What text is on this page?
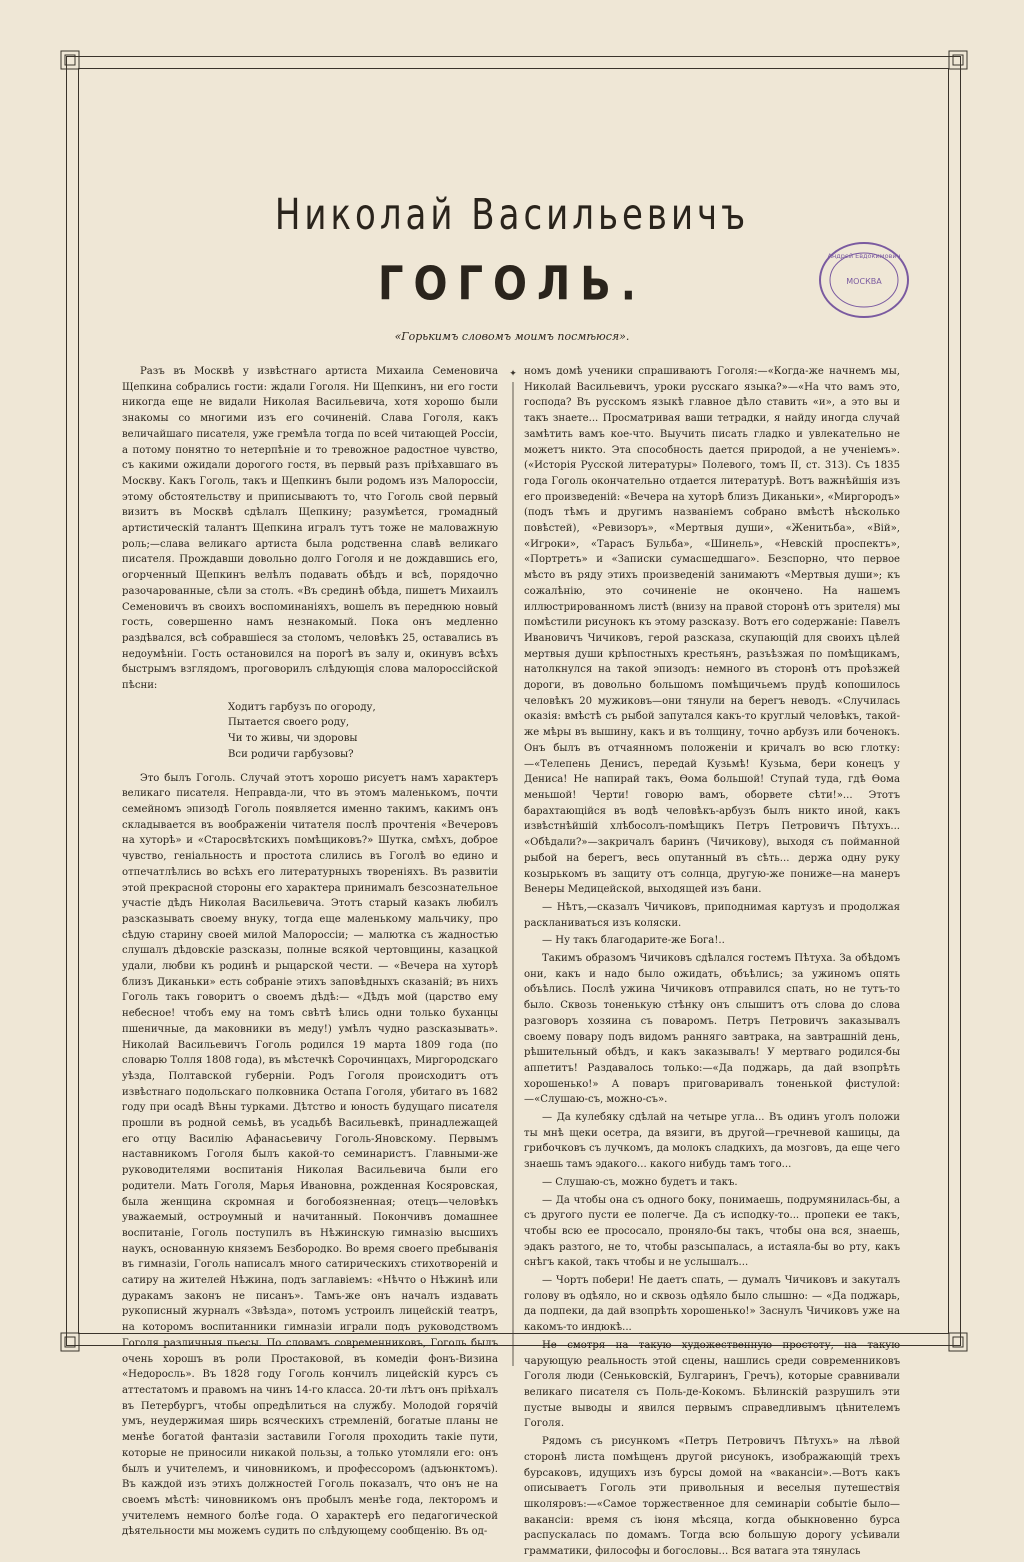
Николай Васильевичъ
ГОГОЛЬ.
Андрей Евдокимович
МОСКВА
«Горькимъ словомъ моимъ посмѣюся».

Разъ въ Москвѣ у извѣстнаго артиста Михаила Семеновича Щепкина собрались гости: ждали Гоголя. Ни Щепкинъ, ни его гости никогда еще не видали Николая Васильевича, хотя хорошо были знакомы со многими изъ его сочиненій. Слава Гоголя, какъ величайшаго писателя, уже гремѣла тогда по всей читающей Россіи, а потому понятно то нетерпѣніе и то тревожное радостное чувство, съ какими ожидали дорогого гостя, въ первый разъ пріѣхавшаго въ Москву. Какъ Гоголь, такъ и Щепкинъ были родомъ изъ Малороссіи, этому обстоятельству и приписываютъ то, что Гоголь свой первый визитъ въ Москвѣ сдѣлалъ Щепкину; разумѣется, громадный артистическій талантъ Щепкина игралъ тутъ тоже не маловажную роль;—слава великаго артиста была родственна славѣ великаго писателя. Прождавши довольно долго Гоголя и не дождавшись его, огорченный Щепкинъ велѣлъ подавать обѣдъ и всѣ, порядочно разочарованные, сѣли за столъ. «Въ срединѣ обѣда, пишетъ Михаилъ Семеновичъ въ своихъ воспоминаніяхъ, вошелъ въ переднюю новый гость, совершенно намъ незнакомый. Пока онъ медленно раздѣвался, всѣ собравшіеся за столомъ, человѣкъ 25, оставались въ недоумѣніи. Гость остановился на порогѣ въ залу и, окинувъ всѣхъ быстрымъ взглядомъ, проговорилъ слѣдующія слова малороссійской пѣсни:

Ходитъ гарбузъ по огороду,
Пытается своего роду,
Чи то живы, чи здоровы
Вси родичи гарбузовы?

Это былъ Гоголь. Случай этотъ хорошо рисуетъ намъ характеръ великаго писателя. Неправда-ли, что въ этомъ маленькомъ, почти семейномъ эпизодѣ Гоголь появляется именно такимъ, какимъ онъ складывается въ воображеніи читателя послѣ прочтенія «Вечеровъ на хуторѣ» и «Старосвѣтскихъ помѣщиковъ?» Шутка, смѣхъ, доброе чувство, геніальность и простота слились въ Гоголѣ во едино и отпечатлѣлись во всѣхъ его литературныхъ твореніяхъ. Въ развитіи этой прекрасной стороны его характера принималъ безсознательное участіе дѣдъ Николая Васильевича. Этотъ старый казакъ любилъ разсказывать своему внуку, тогда еще маленькому мальчику, про сѣдую старину своей милой Малороссіи; — малютка съ жадностью слушалъ дѣдовскіе разсказы, полные всякой чертовщины, казацкой удали, любви къ родинѣ и рыцарской чести. — «Вечера на хуторѣ близъ Диканьки» есть собраніе этихъ заповѣдныхъ сказаній; въ нихъ Гоголь такъ говоритъ о своемъ дѣдѣ:— «Дѣдъ мой (царство ему небесное! чтобъ ему на томъ свѣтѣ ѣлись одни только буханцы пшеничные, да маковники въ меду!) умѣлъ чудно разсказывать». Николай Васильевичъ Гоголь родился 19 марта 1809 года (по словарю Толля 1808 года), въ мѣстечкѣ Сорочинцахъ, Миргородскаго уѣзда, Полтавской губерніи. Родъ Гоголя происходитъ отъ извѣстнаго подольскаго полковника Остапа Гоголя, убитаго въ 1682 году при осадѣ Вѣны турками. Дѣтство и юность будущаго писателя прошли въ родной семьѣ, въ усадьбѣ Васильевкѣ, принадлежащей его отцу Василію Афанасьевичу Гоголь-Яновскому. Первымъ наставникомъ Гоголя былъ какой-то семинаристъ. Главными-же руководителями воспитанія Николая Васильевича были его родители. Мать Гоголя, Марья Ивановна, рожденная Косяровская, была женщина скромная и богобоязненная; отецъ—человѣкъ уважаемый, остроумный и начитанный. Покончивъ домашнее воспитаніе, Гоголь поступилъ въ Нѣжинскую гимназію высшихъ наукъ, основанную княземъ Безбородко. Во время своего пребыванія въ гимназіи, Гоголь написалъ много сатирическихъ стихотвореній и сатиру на жителей Нѣжина, подъ заглавіемъ: «Нѣчто о Нѣжинѣ или дуракамъ законъ не писанъ». Тамъ-же онъ началъ издавать рукописный журналъ «Звѣзда», потомъ устроилъ лицейскій театръ, на которомъ воспитанники гимназіи играли подъ руководствомъ Гоголя различныя пьесы. По словамъ современниковъ, Гоголь былъ очень хорошъ въ роли Простаковой, въ комедіи фонъ-Визина «Недоросль». Въ 1828 году Гоголь кончилъ лицейскій курсъ съ аттестатомъ и правомъ на чинъ 14-го класса. 20-ти лѣтъ онъ пріѣхалъ въ Петербургъ, чтобы опредѣлиться на службу. Молодой горячій умъ, неудержимая ширь всяческихъ стремленій, богатые планы не менѣе богатой фантазіи заставили Гоголя проходить такіе пути, которые не приносили никакой пользы, а только утомляли его: онъ былъ и учителемъ, и чиновникомъ, и профессоромъ (адъюнктомъ). Въ каждой изъ этихъ должностей Гоголь показалъ, что онъ не на своемъ мѣстѣ: чиновникомъ онъ пробылъ менѣе года, лекторомъ и учителемъ немного болѣе года. О характерѣ его педагогической дѣятельности мы можемъ судить по слѣдующему сообщенію. Въ од-

✦ номъ домѣ ученики спрашиваютъ Гоголя:—«Когда-же начнемъ мы, Николай Васильевичъ, уроки русскаго языка?»—«На что вамъ это, господа? Въ русскомъ языкѣ главное дѣло ставить «и», а это вы и такъ знаете... Просматривая ваши тетрадки, я найду иногда случай замѣтить вамъ кое-что. Выучить писать гладко и увлекательно не можетъ никто. Эта способность дается природой, а не ученіемъ». («Исторія Русской литературы» Полевого, томъ II, ст. 313). Съ 1835 года Гоголь окончательно отдается литературѣ. Вотъ важнѣйшія изъ его произведеній: «Вечера на хуторѣ близъ Диканьки», «Миргородъ» (подъ тѣмъ и другимъ названіемъ собрано вмѣстѣ нѣсколько повѣстей), «Ревизоръ», «Мертвыя души», «Женитьба», «Вій», «Игроки», «Тарасъ Бульба», «Шинель», «Невскій проспектъ», «Портретъ» и «Записки сумасшедшаго». Безспорно, что первое мѣсто въ ряду этихъ произведеній занимаютъ «Мертвыя души»; къ сожалѣнію, это сочиненіе не окончено. На нашемъ иллюстрированномъ листѣ (внизу на правой сторонѣ отъ зрителя) мы помѣстили рисунокъ къ этому разсказу. Вотъ его содержаніе: Павелъ Ивановичъ Чичиковъ, герой разсказа, скупающій для своихъ цѣлей мертвыя души крѣпостныхъ крестьянъ, разъѣзжая по помѣщикамъ, натолкнулся на такой эпизодъ: немного въ сторонѣ отъ проѣзжей дороги, въ довольно большомъ помѣщичьемъ прудѣ копошилось человѣкъ 20 мужиковъ—они тянули на берегъ неводъ. «Случилась оказія: вмѣстѣ съ рыбой запутался какъ-то круглый человѣкъ, такой-же мѣры въ вышину, какъ и въ толщину, точно арбузъ или боченокъ. Онъ былъ въ отчаянномъ положеніи и кричалъ во всю глотку:—«Телепень Денисъ, передай Кузьмѣ! Кузьма, бери конецъ у Дениса! Не напирай такъ, Ѳома большой! Ступай туда, гдѣ Ѳома меньшой! Черти! говорю вамъ, оборвете сѣти!»... Этотъ барахтающійся въ водѣ человѣкъ-арбузъ былъ никто иной, какъ извѣстнѣйшій хлѣбосолъ-помѣщикъ Петръ Петровичъ Пѣтухъ... «Обѣдали?»—закричалъ баринъ (Чичикову), выходя съ пойманной рыбой на берегъ, весь опутанный въ сѣть... держа одну руку козырькомъ въ защиту отъ солнца, другую-же пониже—на манеръ Венеры Медицейской, выходящей изъ бани.

— Нѣтъ,—сказалъ Чичиковъ, приподнимая картузъ и продолжая раскланиваться изъ коляски.

— Ну такъ благодарите-же Бога!..

Такимъ образомъ Чичиковъ сдѣлался гостемъ Пѣтуха. За обѣдомъ они, какъ и надо было ожидать, объѣлись; за ужиномъ опять объѣлись. Послѣ ужина Чичиковъ отправился спать, но не тутъ-то было. Сквозь тоненькую стѣнку онъ слышитъ отъ слова до слова разговоръ хозяина съ поваромъ. Петръ Петровичъ заказывалъ своему повару подъ видомъ ранняго завтрака, на завтрашній день, рѣшительный обѣдъ, и какъ заказывалъ! У мертваго родился-бы аппетитъ! Раздавалось только:—«Да поджарь, да дай взопрѣть хорошенько!» А поваръ приговаривалъ тоненькой фистулой:—«Слушаю-съ, можно-съ».

— Да кулебяку сдѣлай на четыре угла... Въ одинъ уголъ положи ты мнѣ щеки осетра, да вязиги, въ другой—гречневой кашицы, да грибочковъ съ лучкомъ, да молокъ сладкихъ, да мозговъ, да еще чего знаешь тамъ эдакого... какого нибудь тамъ того...

— Слушаю-съ, можно будетъ и такъ.

— Да чтобы она съ одного боку, понимаешь, подрумянилась-бы, а съ другого пусти ее полегче. Да съ исподку-то... пропеки ее такъ, чтобы всю ее прососало, проняло-бы такъ, чтобы она вся, знаешь, эдакъ разтого, не то, чтобы разсыпалась, а истаяла-бы во рту, какъ снѣгъ какой, такъ чтобы и не услышалъ...

— Чортъ побери! Не даетъ спать, — думалъ Чичиковъ и закуталъ голову въ одѣяло, но и сквозь одѣяло было слышно: — «Да поджарь, да подпеки, да дай взопрѣть хорошенько!» Заснулъ Чичиковъ уже на какомъ-то индюкѣ...

Не смотря на такую художественную простоту, на такую чарующую реальность этой сцены, нашлись среди современниковъ Гоголя люди (Сеньковскій, Булгаринъ, Гречъ), которые сравнивали великаго писателя съ Поль-де-Кокомъ. Бѣлинскій разрушилъ эти пустые выводы и явился первымъ справедливымъ цѣнителемъ Гоголя.

Рядомъ съ рисункомъ «Петръ Петровичъ Пѣтухъ» на лѣвой сторонѣ листа помѣщенъ другой рисунокъ, изображающій трехъ бурсаковъ, идущихъ изъ бурсы домой на «вакансіи».—Вотъ какъ описываетъ Гоголь эти привольныя и веселыя путешествія школяровъ:—«Самое торжественное для семинаріи событіе было—вакансіи: время съ іюня мѣсяца, когда обыкновенно бурса распускалась по домамъ. Тогда всю большую дорогу усѣивали грамматики, философы и богословы... Вся ватага эта тянулась
